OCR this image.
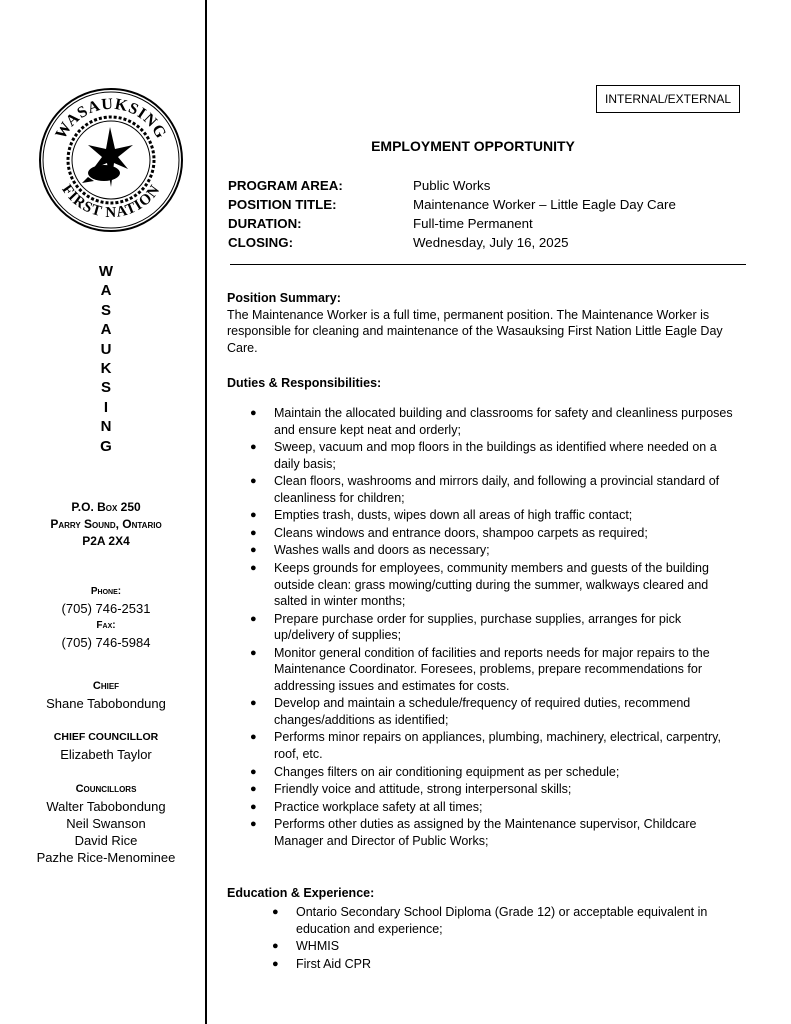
WASAUKSING
FIRST NATION
W
A
S
A
U
K
S
I
N
G
P.O. Box 250
Parry Sound, Ontario
P2A 2X4
Phone:
(705) 746-2531
Fax:
(705) 746-5984
Chief
Shane Tabobondung
CHIEF COUNCILLOR
Elizabeth Taylor
Councillors
Walter Tabobondung
Neil Swanson
David Rice
Pazhe Rice-Menominee
INTERNAL/EXTERNAL
EMPLOYMENT OPPORTUNITY
PROGRAM AREA:	Public Works
POSITION TITLE:	Maintenance Worker – Little Eagle Day Care
DURATION:	Full-time Permanent
CLOSING:	Wednesday, July 16, 2025
Position Summary:
The Maintenance Worker is a full time, permanent position. The Maintenance Worker is responsible for cleaning and maintenance of the Wasauksing First Nation Little Eagle Day Care.
Duties & Responsibilities:
●	Maintain the allocated building and classrooms for safety and cleanliness purposes and ensure kept neat and orderly;
●	Sweep, vacuum and mop floors in the buildings as identified where needed on a daily basis;
●	Clean floors, washrooms and mirrors daily, and following a provincial standard of cleanliness for children;
●	Empties trash, dusts, wipes down all areas of high traffic contact;
●	Cleans windows and entrance doors, shampoo carpets as required;
●	Washes walls and doors as necessary;
●	Keeps grounds for employees, community members and guests of the building outside clean: grass mowing/cutting during the summer, walkways cleared and salted in winter months;
●	Prepare purchase order for supplies, purchase supplies, arranges for pick up/delivery of supplies;
●	Monitor general condition of facilities and reports needs for major repairs to the Maintenance Coordinator. Foresees, problems, prepare recommendations for addressing issues and estimates for costs.
●	Develop and maintain a schedule/frequency of required duties, recommend changes/additions as identified;
●	Performs minor repairs on appliances, plumbing, machinery, electrical, carpentry, roof, etc.
●	Changes filters on air conditioning equipment as per schedule;
●	Friendly voice and attitude, strong interpersonal skills;
●	Practice workplace safety at all times;
●	Performs other duties as assigned by the Maintenance supervisor, Childcare Manager and Director of Public Works;
Education & Experience:
●	Ontario Secondary School Diploma (Grade 12) or acceptable equivalent in education and experience;
●	WHMIS
●	First Aid CPR
